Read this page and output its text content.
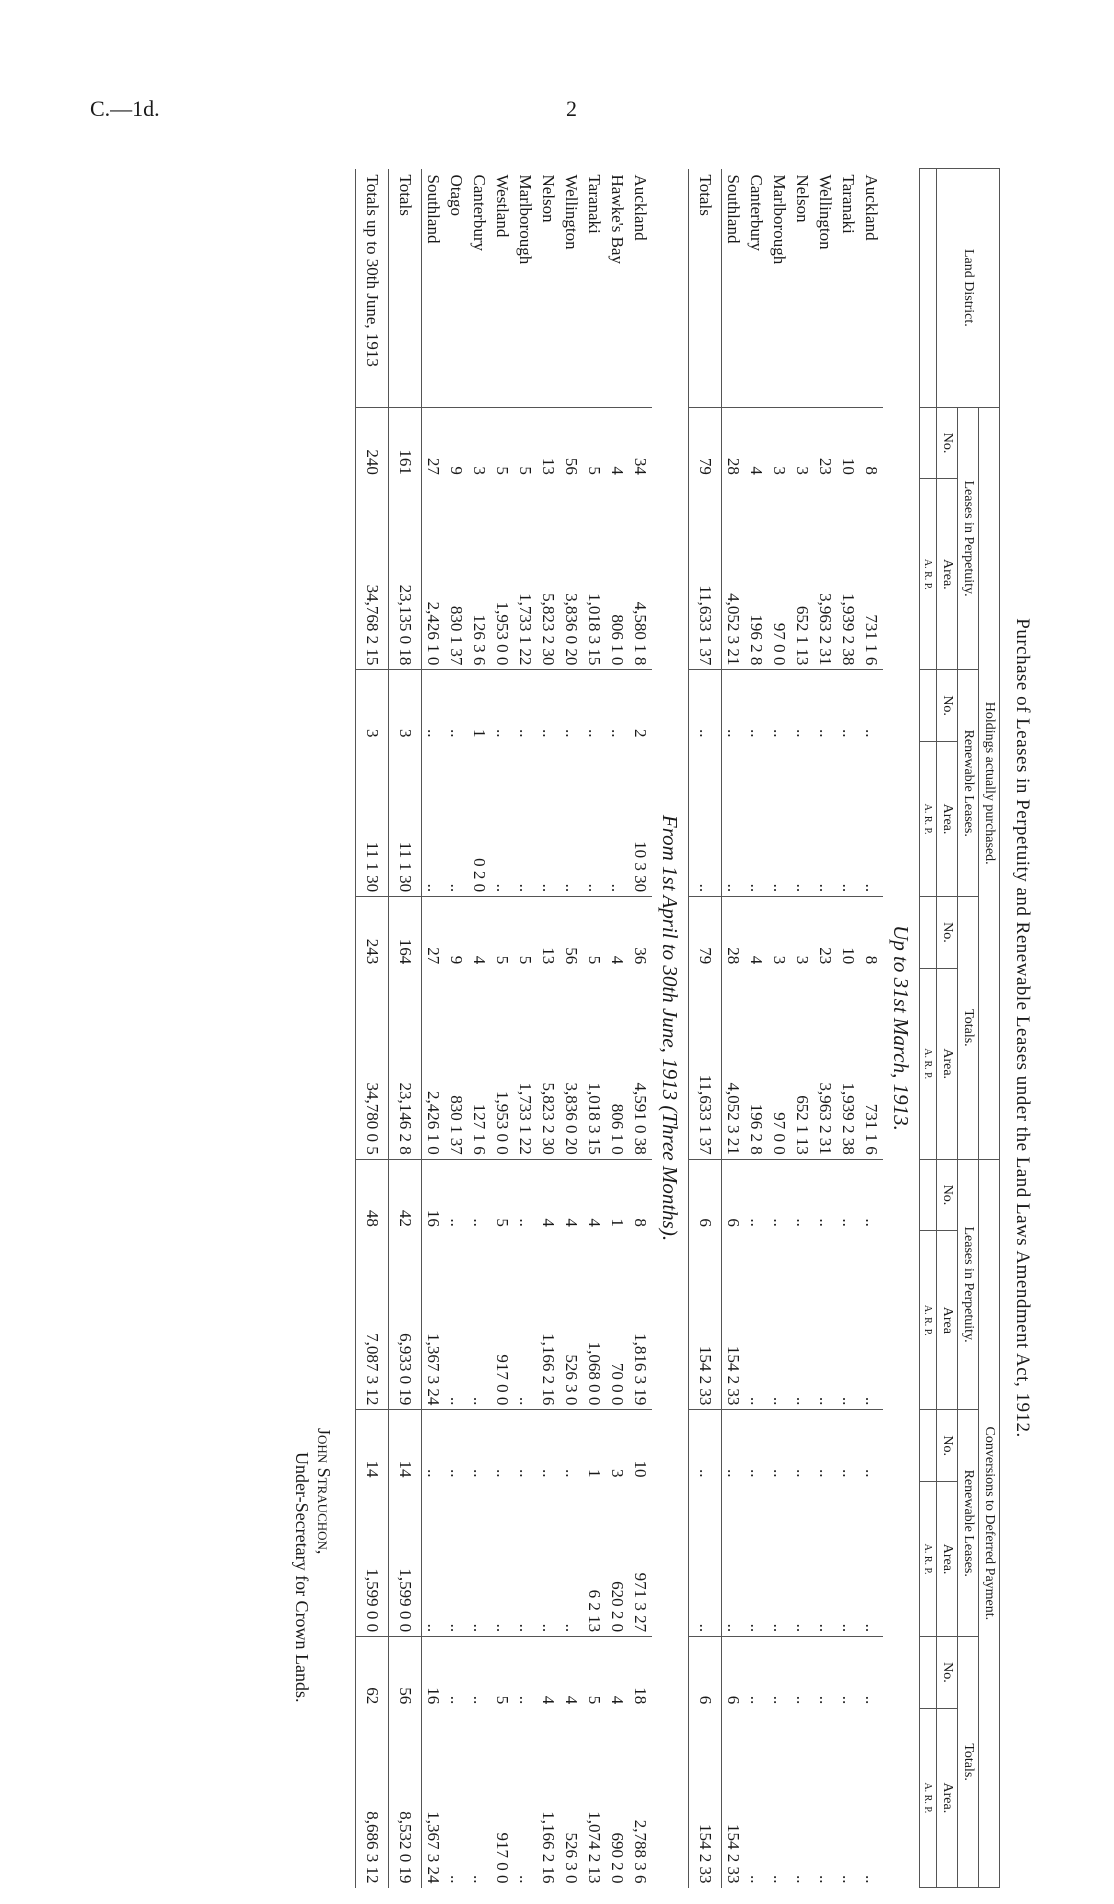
C.—1d.	2
Purchase of Leases in Perpetuity and Renewable Leases under the Land Laws Amendment Act, 1912.
Land District.	Holdings actually purchased.						Conversions to Deferred Payment.					
	Leases in Perpetuity.		Renewable Leases.		Totals.		Leases in Perpetuity.		Renewable Leases.		Totals.	
	No.	Area.	No.	Area.	No.	Area.	No.	Area	No.	Area.	No.	Area.
		A. R. P.		A. R. P.		A. R. P.		A. R. P.		A. R. P.		A. R. P.
Up to 31st March, 1913.												
Auckland	8	731 1 6	..	..	8	731 1 6	..	..	..	..	..	..
Taranaki	10	1,939 2 38	..	..	10	1,939 2 38	..	..	..	..	..	..
Wellington	23	3,963 2 31	..	..	23	3,963 2 31	..	..	..	..	..	..
Nelson	3	652 1 13	..	..	3	652 1 13	..	..	..	..	..	..
Marlborough	3	97 0 0	..	..	3	97 0 0	..	..	..	..	..	..
Canterbury	4	196 2 8	..	..	4	196 2 8	..	..	..	..	..	..
Southland	28	4,052 3 21	..	..	28	4,052 3 21	6	154 2 33	..	..	6	154 2 33
Totals	79	11,633 1 37	..	..	79	11,633 1 37	6	154 2 33	..	..	6	154 2 33
From 1st April to 30th June, 1913 (Three Months).												
Auckland	34	4,580 1 8	2	10 3 30	36	4,591 0 38	8	1,816 3 19	10	971 3 27	18	2,788 3 6
Hawke's Bay	4	806 1 0	..	..	4	806 1 0	1	70 0 0	3	620 2 0	4	690 2 0
Taranaki	5	1,018 3 15	..	..	5	1,018 3 15	4	1,068 0 0	1	6 2 13	5	1,074 2 13
Wellington	56	3,836 0 20	..	..	56	3,836 0 20	4	526 3 0	..	..	4	526 3 0
Nelson	13	5,823 2 30	..	..	13	5,823 2 30	4	1,166 2 16	..	..	4	1,166 2 16
Marlborough	5	1,733 1 22	..	..	5	1,733 1 22	..	..	..	..	..	..
Westland	5	1,953 0 0	..	..	5	1,953 0 0	5	917 0 0	..	..	5	917 0 0
Canterbury	3	126 3 6	1	0 2 0	4	127 1 6	..	..	..	..	..	..
Otago	9	830 1 37	..	..	9	830 1 37	..	..	..	..	..	..
Southland	27	2,426 1 0	..	..	27	2,426 1 0	16	1,367 3 24	..	..	16	1,367 3 24
Totals	161	23,135 0 18	3	11 1 30	164	23,146 2 8	42	6,933 0 19	14	1,599 0 0	56	8,532 0 19
Totals up to 30th June, 1913	240	34,768 2 15	3	11 1 30	243	34,780 0 5	48	7,087 3 12	14	1,599 0 0	62	8,686 3 12
John Strauchon,
Under-Secretary for Crown Lands.
